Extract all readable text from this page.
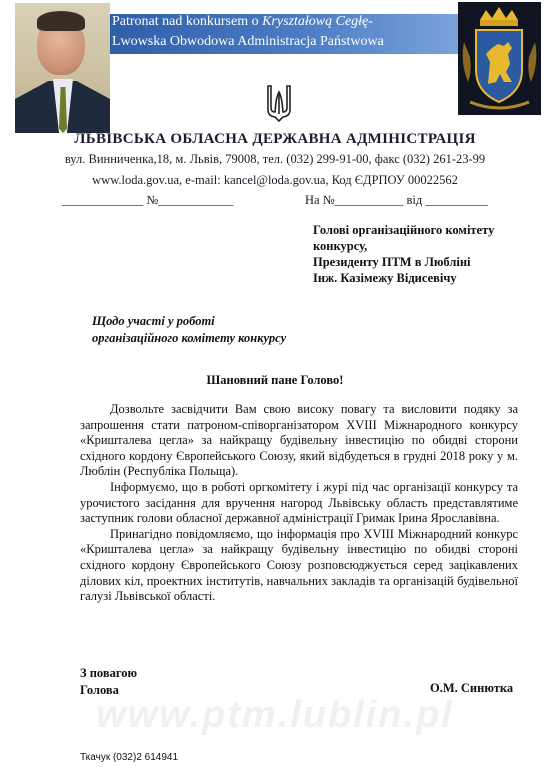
Patronat nad konkursem o Kryształową Cegłę-
Lwowska Obwodowa Administracja Państwowa
ЛЬВІВСЬКА ОБЛАСНА ДЕРЖАВНА АДМІНІСТРАЦІЯ
вул. Винниченка,18, м. Львів, 79008, тел. (032) 299-91-00, факс (032) 261-23-99
www.loda.gov.ua, e-mail: kancel@loda.gov.ua, Код ЄДРПОУ 00022562
_____________ №____________	На №___________ від __________
Голові організаційного комітету конкурсу,
Президенту ПТМ в Любліні
Інж. Казімежу Відисевічу
Щодо участі у роботі
організаційного комітету конкурсу
Шановний пане Голово!

Дозвольте засвідчити Вам свою високу повагу та висловити подяку за запрошення стати патроном-співорганізатором XVIII Міжнародного конкурсу «Кришталева цегла» за найкращу будівельну інвестицію по обидві сторони східного кордону Європейського Союзу, який відбудеться в грудні 2018 року у м. Люблін (Республіка Польща).

Інформуємо, що в роботі оргкомітету і журі під час організації конкурсу та урочистого засідання для вручення нагород Львівську область представлятиме заступник голови обласної державної адміністрації Гримак Ірина Ярославівна.

Принагідно повідомляємо, що інформація про XVIII Міжнародний конкурс «Кришталева цегла» за найкращу будівельну інвестицію по обидві стороні східного кордону Європейського Союзу розповсюджується серед зацікавлених ділових кіл, проектних інститутів, навчальних закладів та організацій будівельної галузі Львівської області.

www.ptm.lublin.pl
З повагою
Голова	О.М. Синютка
Ткачук (032)2 614941
